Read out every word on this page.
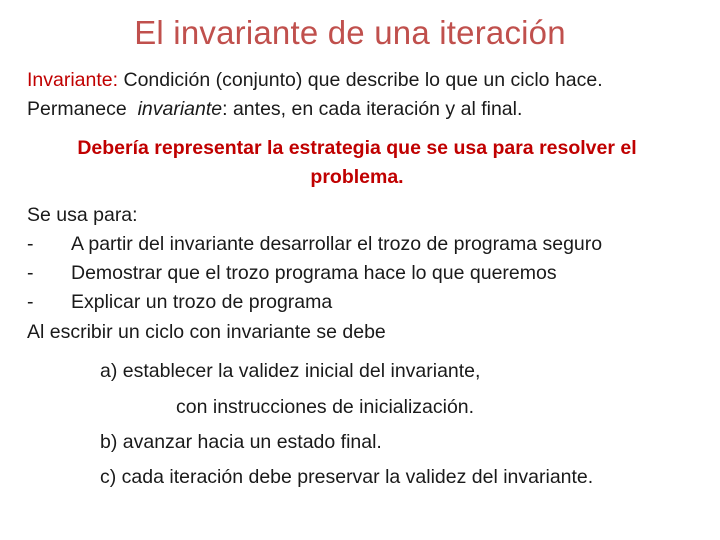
El invariante de una iteración
Invariante: Condición (conjunto) que describe lo que un ciclo hace.
Permanece  invariante: antes, en cada iteración y al final.
Debería representar la estrategia que se usa para resolver el
problema.
Se usa para:
-	A partir del invariante desarrollar el trozo de programa seguro
-	Demostrar que el trozo programa hace lo que queremos
-	Explicar un trozo de programa
Al escribir un ciclo con invariante se debe
a) establecer la validez inicial del invariante,
con instrucciones de inicialización.
b) avanzar hacia un estado final.
c) cada iteración debe preservar la validez del invariante.
